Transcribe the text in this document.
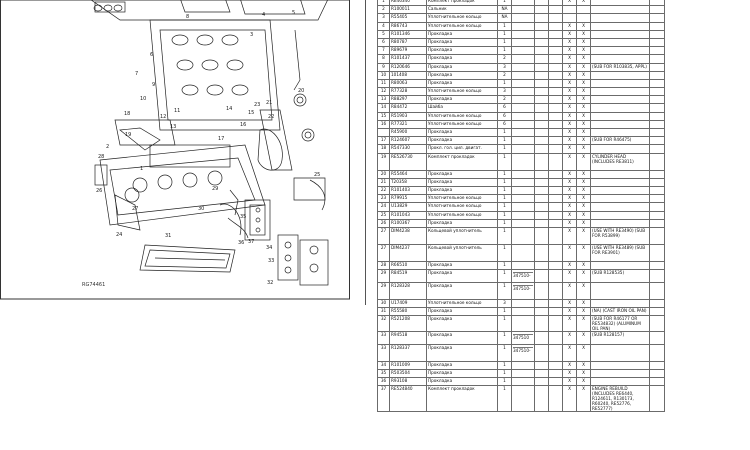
6
7
9
10
11
3
4	5
20
23 21
22
18
19
28
26
27
29
30
35
37
34
33
32
36
31
24
25
1
12
8
16
17
13
14
15
2
RG74461
1	RE46340	Комплект прокладок	1				X	X		
2	R100011	Сальник	NA							
3	R55405	Уплотнительное кольцо	NA							
4	R86743	Уплотнительное кольцо	1				X	X		
5	R101346	Прокладка	1				X	X		
6	R80787	Прокладка	1				X	X		
7	R89679	Прокладка	1				X	X		
8	R101437	Прокладка	2				X	X		
9	R120646	Прокладка	3				X	X	(SUB FOR R103835, APPL)	
10	101408	Прокладка	2				X	X		
11	R80063	Прокладка	1				X	X		
12	R77328	Уплотнительное кольцо	3				X	X		
13	R88297	Прокладка	2				X	X		
14	R84472	Шайба	6				X	X		
15	R51903	Уплотнительное кольцо	6				X	X		
16	R77321	Уплотнительное кольцо	6				X	X		
	R45900	Прокладка	1				X	X		
17	R124607	Прокладка	1				X	X	(SUB FOR R46475)	
18	R547330	Прокл. гол. цил. двигат.	1				X	X		
19	RE526730	Комплект прокладок	1				X	X	CYLINDER HEAD (INCLUDES RE3811)	
20	R55464	Прокладка	1				X	X		
21	T20358	Прокладка	1				X	X		
22	R101403	Прокладка	1				X	X		
23	R79915	Уплотнительное кольцо	1				X	X		
24	U13829	Уплотнительное кольцо	1				X	X		
25	R101043	Уплотнительное кольцо	1				X	X		
26	R100367	Прокладка	1				X	X		
27	DIM4238	Кольцевой уплотнитель	1				X	X	(USE WITH RE3490) (SUB FOR R53899)	
27	DIM4237	Кольцевой уплотнитель	1				X	X	(USE WITH RE3489) (SUB FOR RE3901)	
28	R66510	Прокладка	1				X	X		
29	R84519	Прокладка	1	347510-			X	X	(SUB R128535)	
29	R128328	Прокладка	1	347510-			X	X		
30	U17409	Уплотнительное кольцо	3				X	X		
31	R55580	Прокладка	1				X	X	(NA) (CAST IRON OIL PAN)	
32	R521208	Прокладка	1				X	X	(SUB FOR R46177 OR RE534832) (ALUMINUM OIL PAN)	
33	R94518	Прокладка	1	347510			X	X	(SUB R128157)	
33	R128337	Прокладка	1	347510-			X	X		
34	R101009	Прокладка	1				X	X		
35	R503504	Прокладка	1				X	X		
36	R93108	Прокладка	1				X	X		
37	RE524840	Комплект прокладок	1				X	X	ENGINE REBUILD (INCLUDES RE6440, R124611, R130173, R60240, RE52776, RE52777)	
